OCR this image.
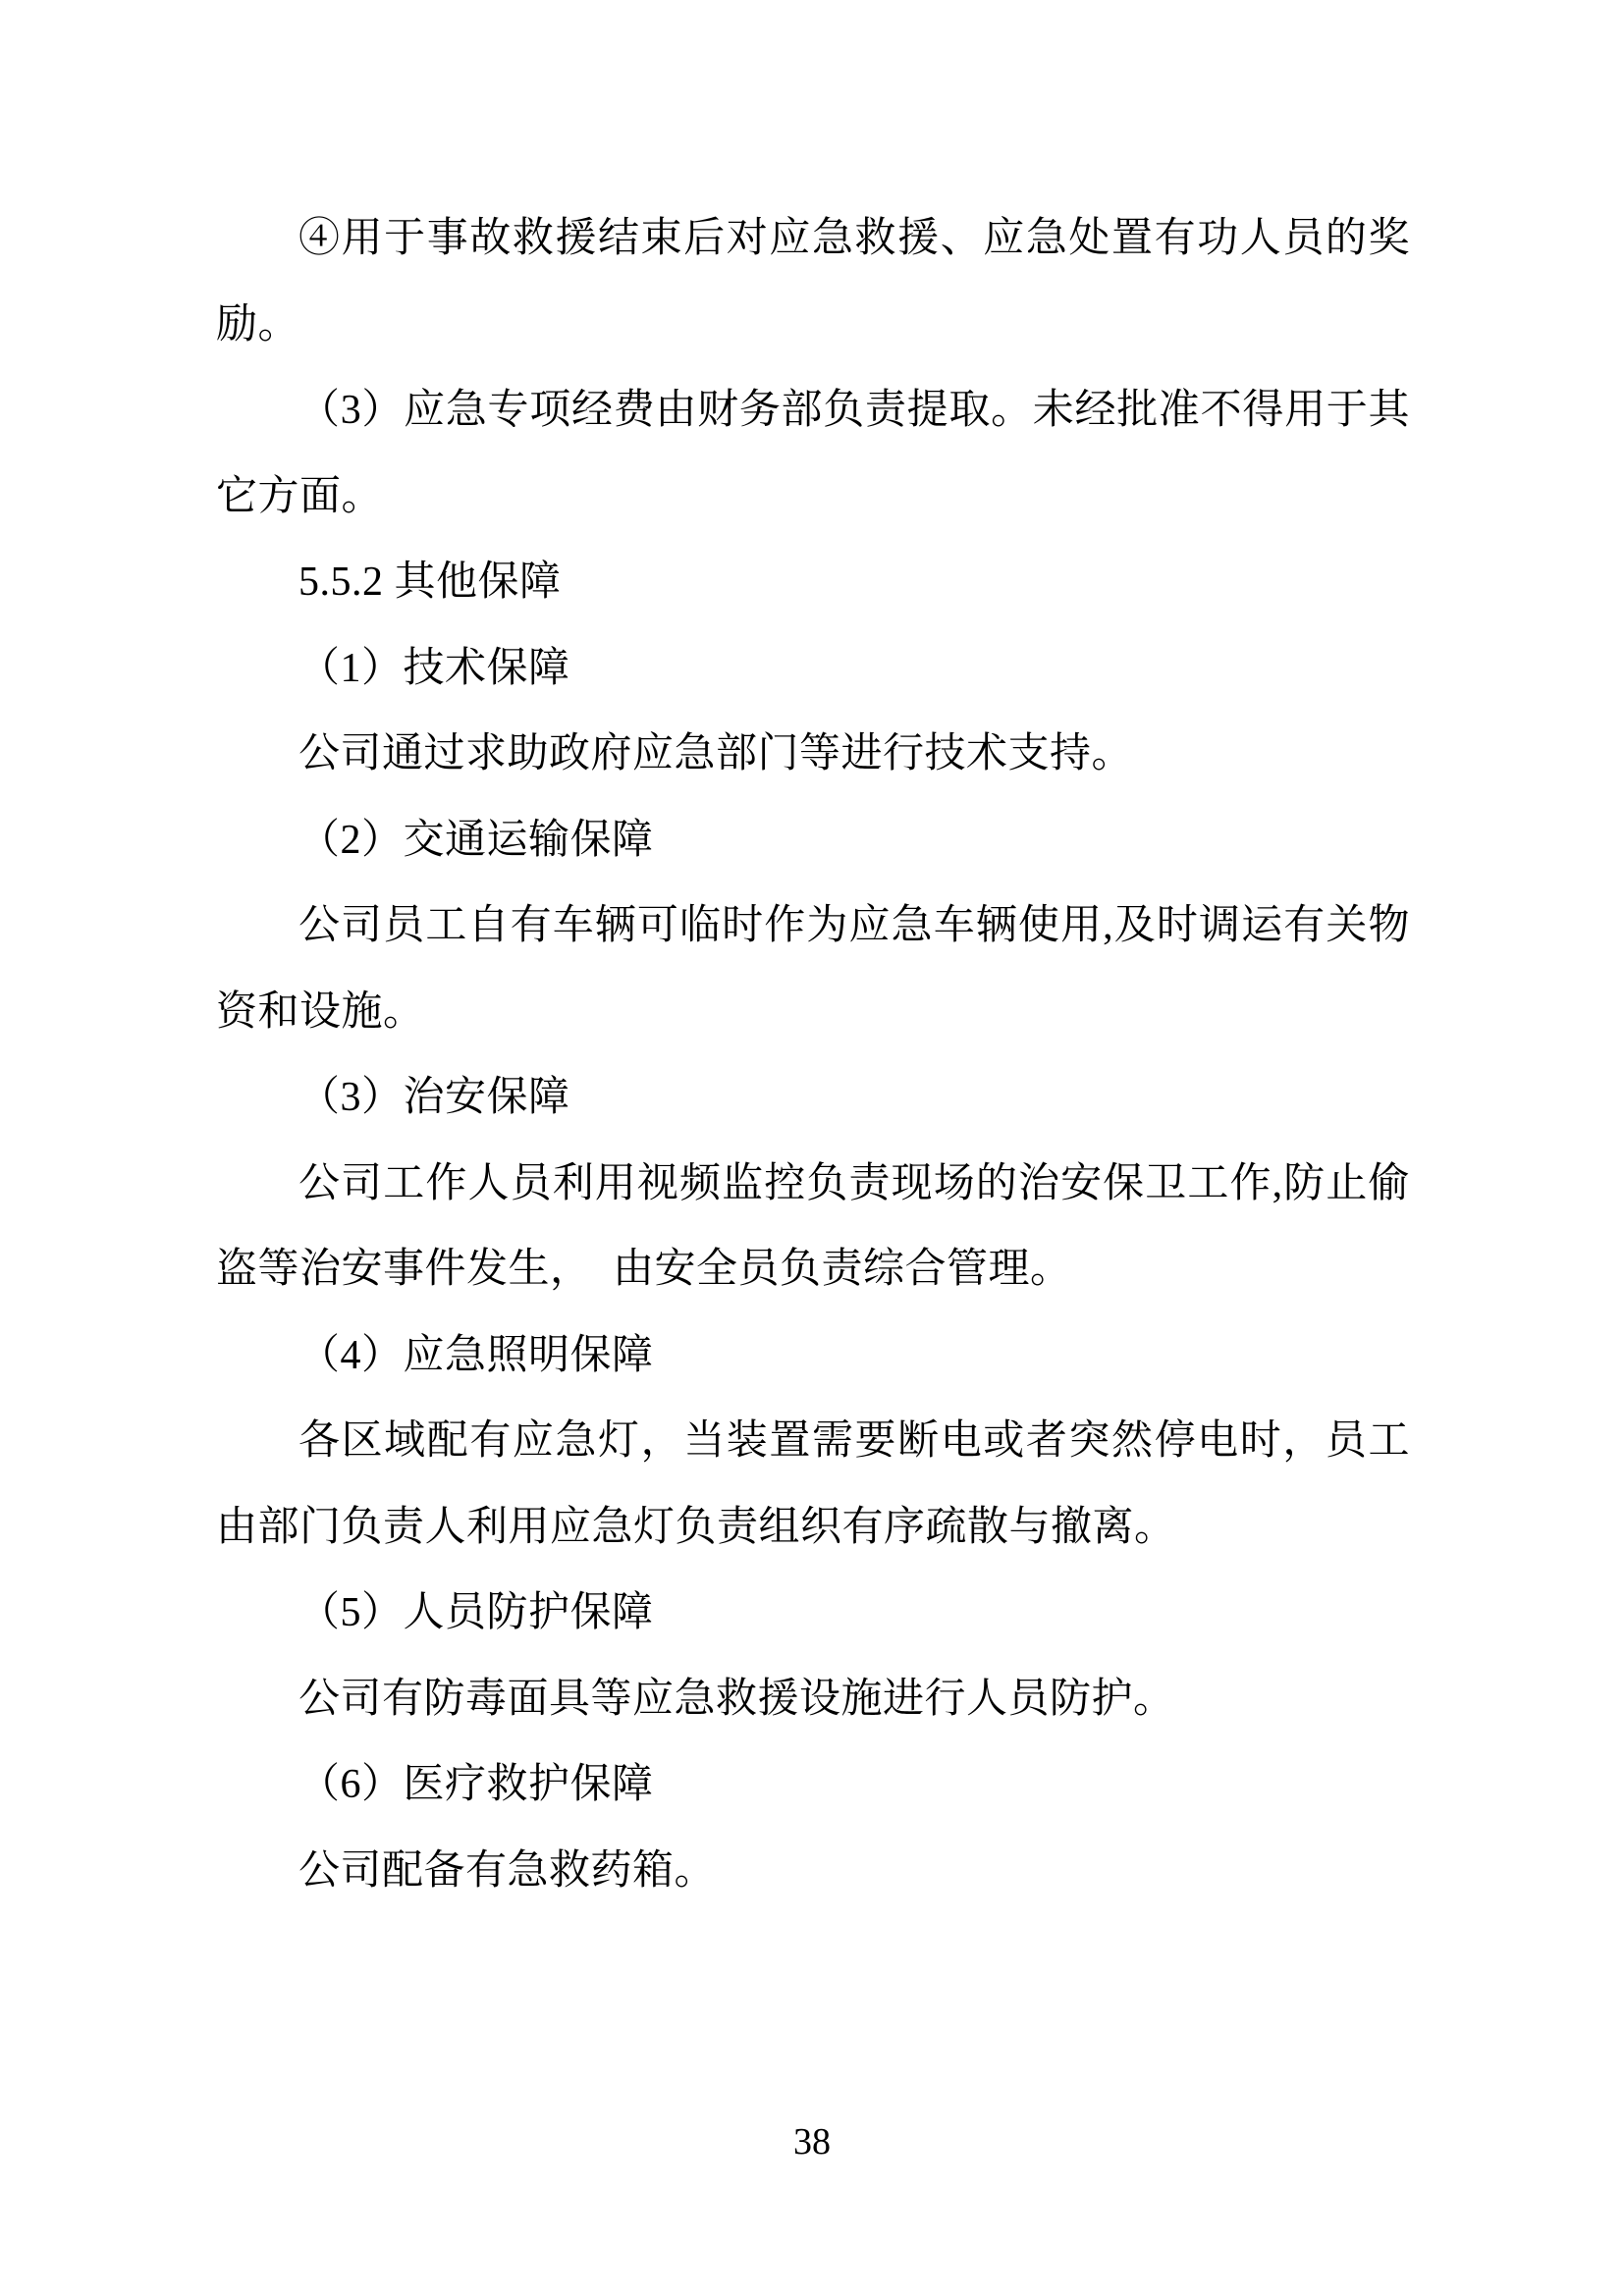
④用于事故救援结束后对应急救援、应急处置有功人员的奖励。

（3）应急专项经费由财务部负责提取。未经批准不得用于其它方面。

5.5.2 其他保障

（1）技术保障

公司通过求助政府应急部门等进行技术支持。

（2）交通运输保障

公司员工自有车辆可临时作为应急车辆使用,及时调运有关物资和设施。

（3）治安保障

公司工作人员利用视频监控负责现场的治安保卫工作,防止偷盗等治安事件发生，　由安全员负责综合管理。

（4）应急照明保障

各区域配有应急灯，当装置需要断电或者突然停电时，员工由部门负责人利用应急灯负责组织有序疏散与撤离。

（5）人员防护保障

公司有防毒面具等应急救援设施进行人员防护。

（6）医疗救护保障

公司配备有急救药箱。

38
